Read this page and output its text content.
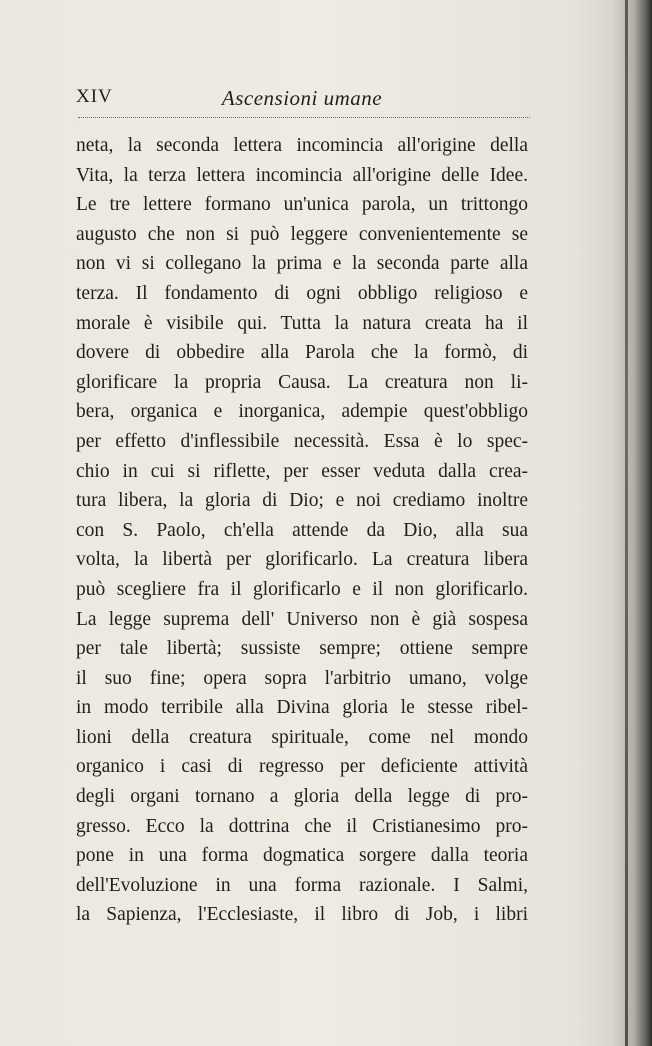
XIV	Ascensioni umane
neta, la seconda lettera incomincia all'origine della
Vita, la terza lettera incomincia all'origine delle Idee.
Le tre lettere formano un'unica parola, un trittongo
augusto che non si può leggere convenientemente se
non vi si collegano la prima e la seconda parte alla
terza. Il fondamento di ogni obbligo religioso e
morale è visibile qui. Tutta la natura creata ha il
dovere di obbedire alla Parola che la formò, di
glorificare la propria Causa. La creatura non li-
bera, organica e inorganica, adempie quest'obbligo
per effetto d'inflessibile necessità. Essa è lo spec-
chio in cui si riflette, per esser veduta dalla crea-
tura libera, la gloria di Dio; e noi crediamo inoltre
con S. Paolo, ch'ella attende da Dio, alla sua
volta, la libertà per glorificarlo. La creatura libera
può scegliere fra il glorificarlo e il non glorificarlo.
La legge suprema dell' Universo non è già sospesa
per tale libertà; sussiste sempre; ottiene sempre
il suo fine; opera sopra l'arbitrio umano, volge
in modo terribile alla Divina gloria le stesse ribel-
lioni della creatura spirituale, come nel mondo
organico i casi di regresso per deficiente attività
degli organi tornano a gloria della legge di pro-
gresso. Ecco la dottrina che il Cristianesimo pro-
pone in una forma dogmatica sorgere dalla teoria
dell'Evoluzione in una forma razionale. I Salmi,
la Sapienza, l'Ecclesiaste, il libro di Job, i libri
